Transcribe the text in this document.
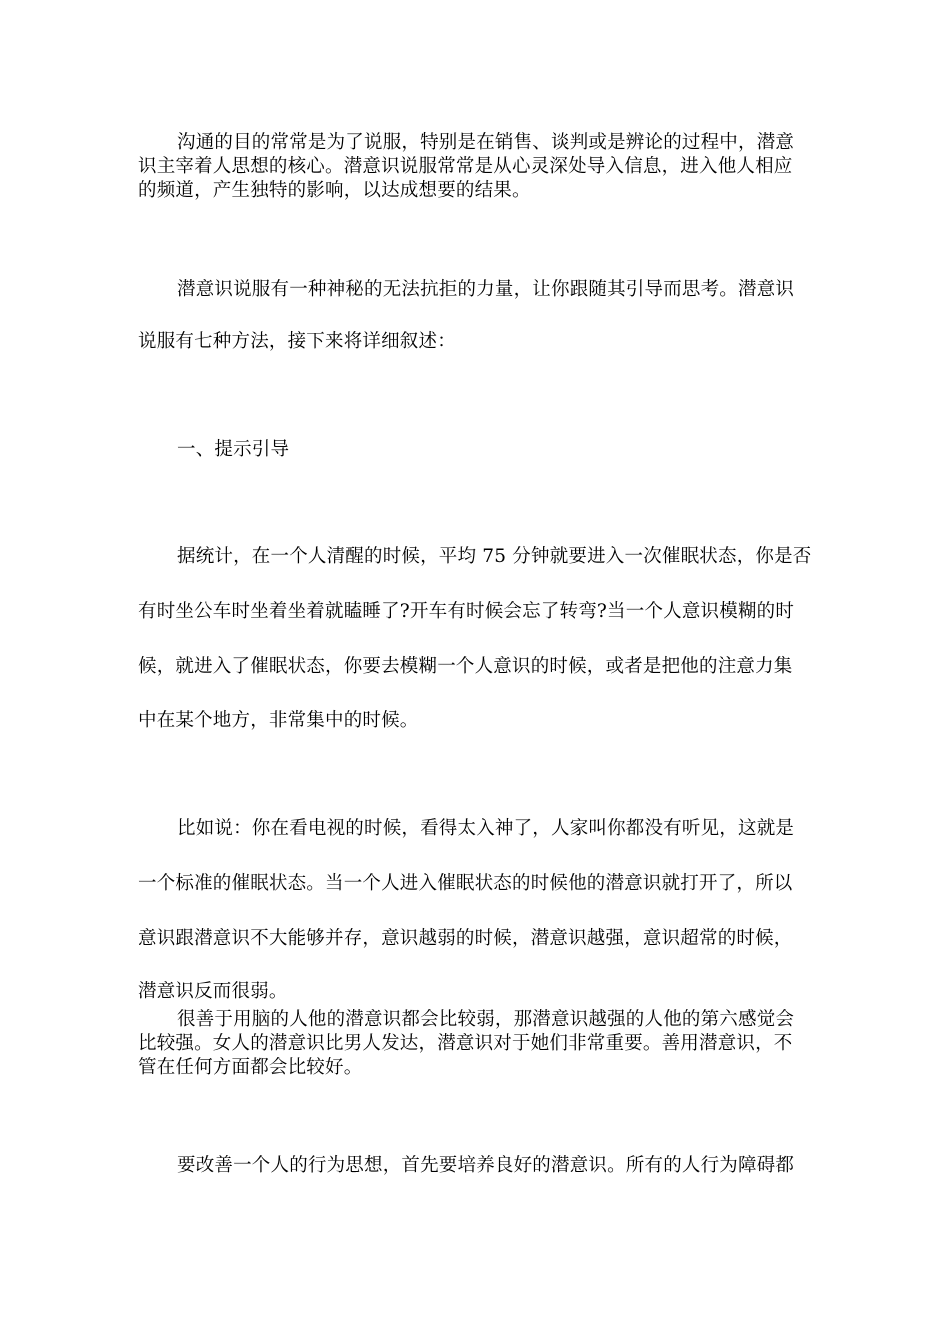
沟通的目的常常是为了说服，特别是在销售、谈判或是辨论的过程中，潜意
识主宰着人思想的核心。潜意识说服常常是从心灵深处导入信息，进入他人相应
的频道，产生独特的影响，以达成想要的结果。
潜意识说服有一种神秘的无法抗拒的力量，让你跟随其引导而思考。潜意识
说服有七种方法，接下来将详细叙述：
一、提示引导
据统计，在一个人清醒的时候，平均 75 分钟就要进入一次催眠状态，你是否
有时坐公车时坐着坐着就瞌睡了?开车有时候会忘了转弯?当一个人意识模糊的时
候，就进入了催眠状态，你要去模糊一个人意识的时候，或者是把他的注意力集
中在某个地方，非常集中的时候。
比如说：你在看电视的时候，看得太入神了，人家叫你都没有听见，这就是
一个标准的催眠状态。当一个人进入催眠状态的时候他的潜意识就打开了，所以
意识跟潜意识不大能够并存，意识越弱的时候，潜意识越强，意识超常的时候，
潜意识反而很弱。
很善于用脑的人他的潜意识都会比较弱，那潜意识越强的人他的第六感觉会
比较强。女人的潜意识比男人发达，潜意识对于她们非常重要。善用潜意识，不
管在任何方面都会比较好。
要改善一个人的行为思想，首先要培养良好的潜意识。所有的人行为障碍都
